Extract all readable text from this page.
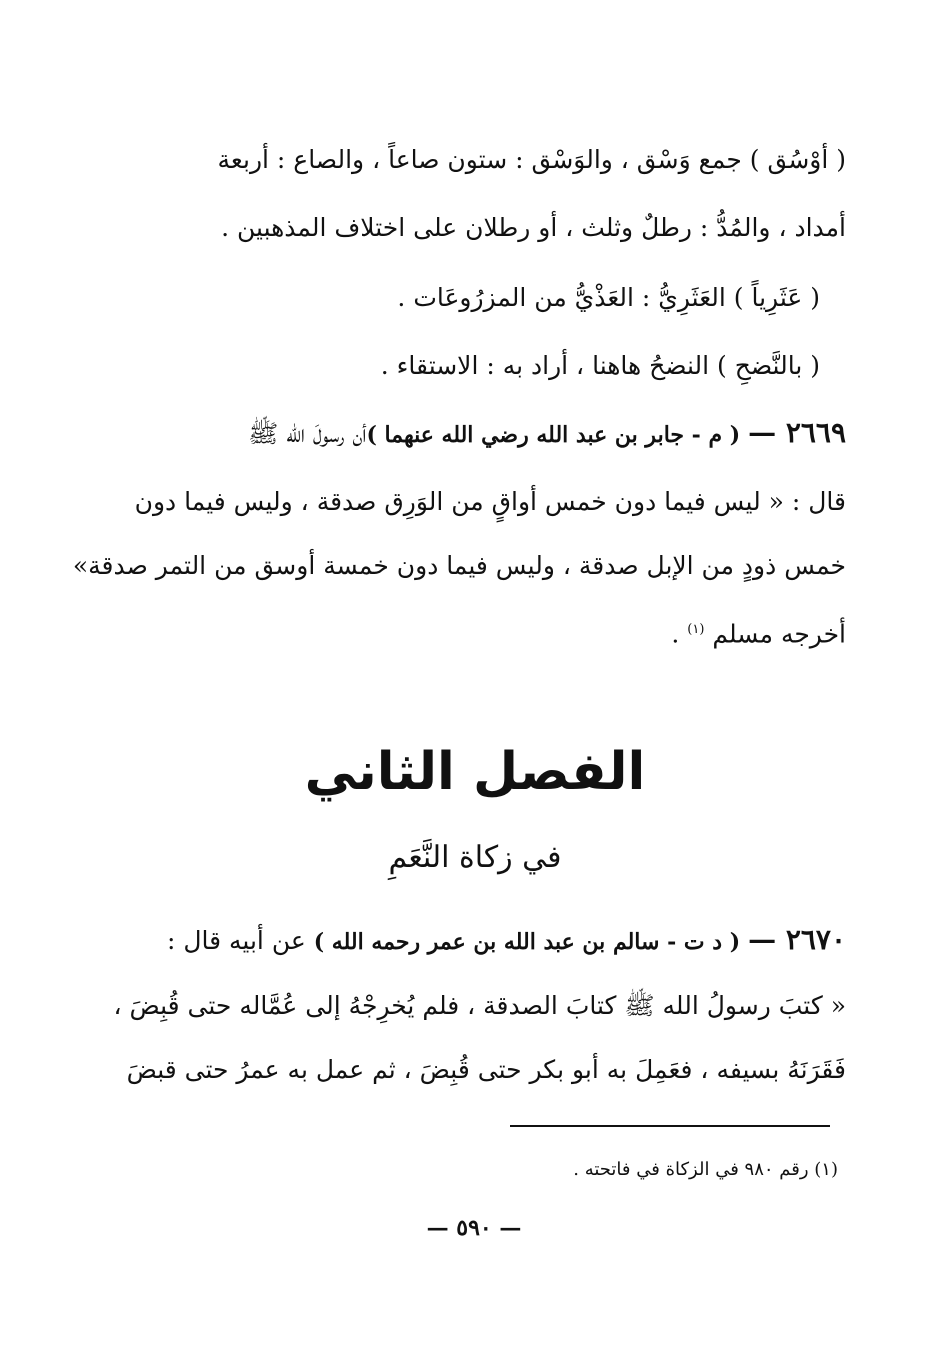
( أوْسُق ) جمع وَسْق ، والوَسْق : ستون صاعاً ، والصاع : أربعة
أمداد ، والمُدُّ : رطلٌ وثلث ، أو رطلان على اختلاف المذهبين .
( عَثَرِياً ) العَثَرِيُّ : العَذْيُّ من المزرُوعَات .
( بالنَّضحِ ) النضحُ هاهنا ، أراد به : الاستقاء .
٢٦٦٩ — ( م - جابر بن عبد الله رضي الله عنهما )أن رسولَ الله ﷺ
قال : « ليس فيما دون خمس أواقٍ من الوَرِق صدقة ، وليس فيما دون
خمس ذودٍ من الإبل صدقة ، وليس فيما دون خمسة أوسق من التمر صدقة»
أخرجه مسلم $^{(١)}$ .
الفصل الثاني
في زكاة النَّعَمِ
٢٦٧٠ — ( د ت - سالم بن عبد الله بن عمر رحمه الله ) عن أبيه قال :
« كتبَ رسولُ الله ﷺ كتابَ الصدقة ، فلم يُخرِجْهُ إلى عُمَّاله حتى قُبِضَ ،
فَقَرَنَهُ بسيفه ، فعَمِلَ به أبو بكر حتى قُبِضَ ، ثم عمل به عمرُ حتى قبضَ
(١) رقم ٩٨٠ في الزكاة في فاتحته .
— ٥٩٠ —
